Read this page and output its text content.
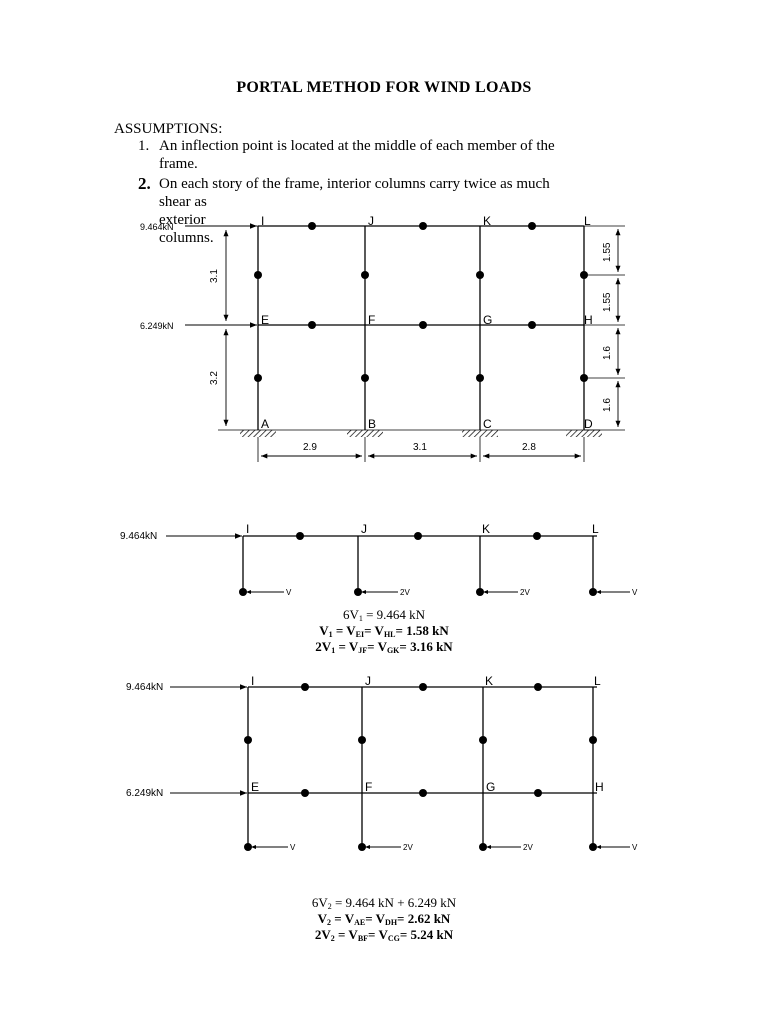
PORTAL METHOD FOR WIND LOADS
ASSUMPTIONS:
1. An inflection point is located at the middle of each member of the
frame.
2. On each story of the frame, interior columns carry twice as much
shear as exterior columns.
9.464kN
6.249kN
I	J	K	L
E	F	G	H
A	B	C	D
2.9	3.1	2.8
3.1
3.2
1.55
1.55
1.6
1.6
9.464kN
I	J	K	L
V	2V	2V	V
9.464kN
6.249kN
I	J	K	L
E	F	G	H
V	2V	2V	V
$6V_1 = 9.464$ kN
$V_1 = V_{EI}= V_{HL}= 1.58$ kN
$2V_1 = V_{JF}= V_{GK}= 3.16$ kN
$6V_2 = 9.464$ kN + 6.249 kN
$V_2 = V_{AE}= V_{DH}= 2.62$ kN
$2V_2 = V_{BF}= V_{CG}= 5.24$ kN
